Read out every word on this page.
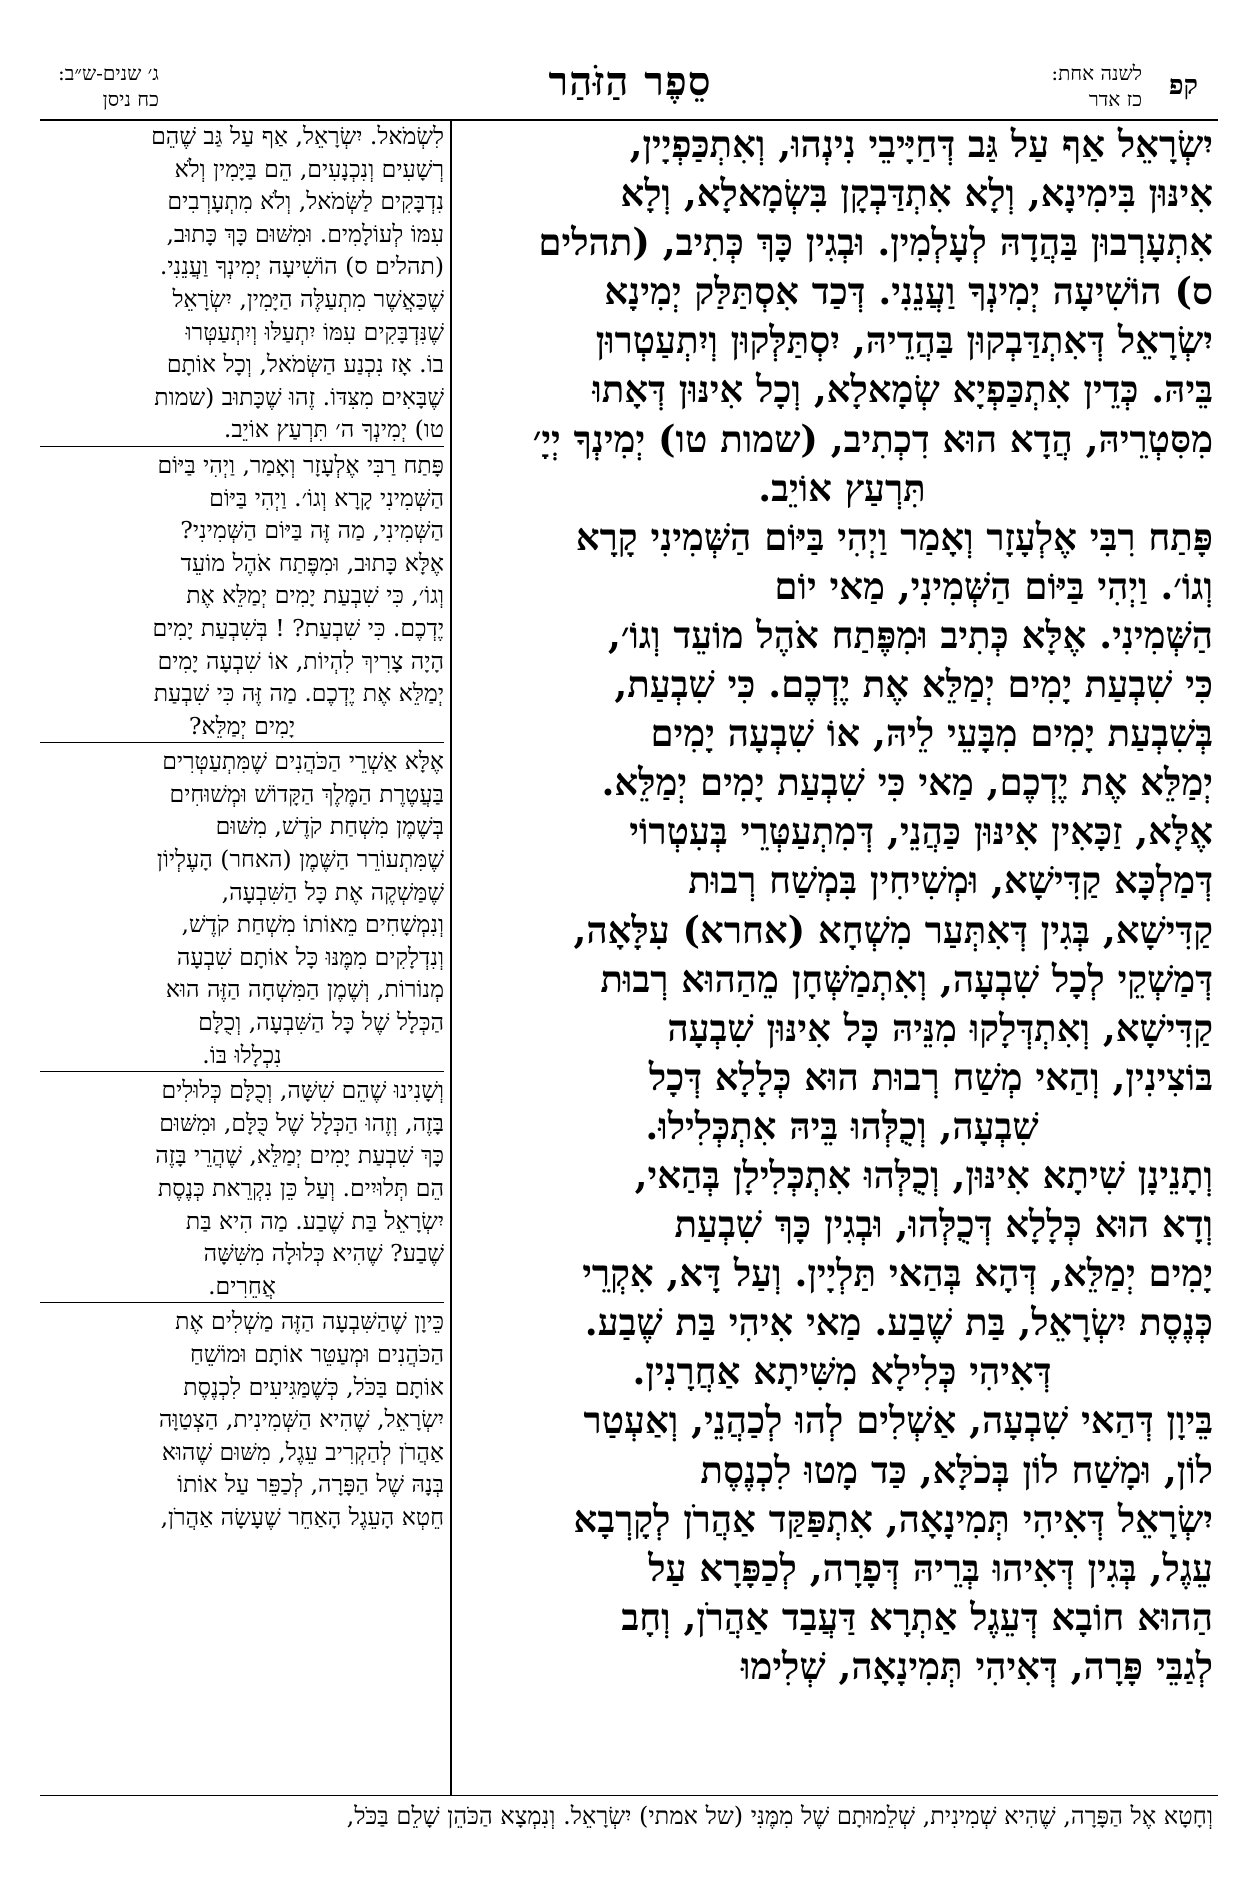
קפ
לשנה אחת:
כז אדר
סֵפֶר הַזֹּהַר
ג׳ שנים-ש״ב:
כח ניסן

יִשְׂרָאֵל אַף עַל גַּב דְּחַיָּיבֵי נִינְהוּ, וְאִתְכַּפְיָין,

אִינּוּן בִּימִינָא, וְלָא אִתְדַּבְקָן בִּשְׂמָאלָא, וְלָא

אִתְעָרְבוּן בַּהֲדָהּ לְעָלְמִין. וּבְגִין כָּךְ כְּתִיב, (תהלים

ס) הוֹשִׁיעָה יְמִינְךָ וַעֲנֵנִי. דְּכַד אִסְתַּלַּק יְמִינָא

יִשְׂרָאֵל דְּאִתְדַּבְקוּן בַּהֲדֵיהּ, יִסְתַּלְּקוּן וְיִתְעַטְרוּן

בֵּיהּ. כְּדֵין אִתְכַּפְיָא שְׂמָאלָא, וְכָל אִינּוּן דְּאָתוּ

מִסִּטְרֵיהּ, הֲדָא הוּא דִכְתִיב, (שמות טו) יְמִינְךָ יְיָ׳

תִּרְעַץ אוֹיֵב.

פָּתַח רִבִּי אֶלְעָזָר וְאָמַר וַיְהִי בַּיּוֹם הַשְּׁמִינִי קָרָא

וְגוֹ׳. וַיְהִי בַּיּוֹם הַשְּׁמִינִי, מַאי יוֹם

הַשְּׁמִינִי. אֶלָּא כְּתִיב וּמִפֶּתַח אֹהֶל מוֹעֵד וְגוֹ׳,

כִּי שִׁבְעַת יָמִים יְמַלֵּא אֶת יֶדְכֶם. כִּי שִׁבְעַת,

בְּשִׁבְעַת יָמִים מִבָּעֵי לֵיהּ, אוֹ שִׁבְעָה יָמִים

יְמַלֵּא אֶת יֶדְכֶם, מַאי כִּי שִׁבְעַת יָמִים יְמַלֵּא.

אֶלָּא, זַכָּאִין אִינּוּן כַּהֲנֵי, דְּמִתְעַטְּרֵי בְּעִטְרוֹי

דְּמַלְכָּא קַדִּישָׁא, וּמְשִׁיחִין בִּמְשַׁח רְבוּת

קַדִּישָׁא, בְּגִין דְּאִתְּעַר מִשְׁחָא (אחרא) עִלָּאָה,

דְּמַשְׁקֵי לְכָל שִׁבְעָה, וְאִתְמַשְּׁחָן מֵהַהוּא רְבוּת

קַדִּישָׁא, וְאִתְדְּלָקוּ מִנֵּיהּ כָּל אִינּוּן שִׁבְעָה

בּוֹצִינִין, וְהַאי מְשַׁח רְבוּת הוּא כְּלָלָא דְּכָל

שִׁבְעָה, וְכֻלְּהוּ בֵּיהּ אִתְכְּלִילוּ.

וְתָנֵינָן שִׁיתָא אִינּוּן, וְכֻלְּהוּ אִתְכְּלִילָן בְּהַאי,

וְדָא הוּא כְּלָלָא דְּכֻלְּהוּ, וּבְגִין כָּךְ שִׁבְעַת

יָמִים יְמַלֵּא, דְּהָא בְּהַאי תַּלְיָין. וְעַל דָּא, אִקְרֵי

כְּנֶסֶת יִשְׂרָאֵל, בַּת שֶׁבַע. מַאי אִיהִי בַּת שֶׁבַע.

דְּאִיהִי כְּלִילָא מִשִּׁיתָא אַחֲרָנִין.

בֵּיוָן דְּהַאי שִׁבְעָה, אַשְׁלִים לְהוּ לְכַהֲנֵי, וְאַעְטַר

לוֹן, וּמָשַׁח לוֹן בְּכֹלָּא, כַּד מָטוּ לִכְנֶסֶת

יִשְׂרָאֵל דְּאִיהִי תְּמִינָאָה, אִתְפַּקַּד אַהֲרֹן לְקָרְבָא

עֵגֶל, בְּגִין דְּאִיהוּ בְּרֵיהּ דְּפָרָה, לְכַפָּרָא עַל

הַהוּא חוֹבָא דְּעֵגֶל אַתְרָא דַּעֲבַד אַהֲרֹן, וְחָב

לְגַבֵּי פָּרָה, דְּאִיהִי תְּמִינָאָה, שְׁלִימוּ

לִשְׂמֹאל. יִשְׂרָאֵל, אַף עַל גַּב שֶׁהֵם

רְשָׁעִים וְנִכְנָעִים, הֵם בַּיָּמִין וְלֹא

נִדְבָּקִים לַשְּׂמֹאל, וְלֹא מִתְעָרְבִים

עִמּוֹ לְעוֹלָמִים. וּמִשּׁוּם כָּךְ כָּתוּב,

(תהלים ס) הוֹשִׁיעָה יְמִינְךָ וַעֲנֵנִי.

שֶׁכַּאֲשֶׁר מִתְעַלֶּה הַיָּמִין, יִשְׂרָאֵל

שֶׁנִּדְבָּקִים עִמּוֹ יִתְעַלּוּ וְיִתְעַטְּרוּ

בוֹ. אָז נִכְנַע הַשְּׂמֹאל, וְכָל אוֹתָם

שֶׁבָּאִים מִצִּדּוֹ. זֶהוּ שֶׁכָּתוּב (שמות

טו) יְמִינְךָ ה׳ תִּרְעַץ אוֹיֵב.

פָּתַח רַבִּי אֶלְעָזָר וְאָמַר, וַיְהִי בַּיּוֹם

הַשְּׁמִינִי קָרָא וְגוֹ׳. וַיְהִי בַּיּוֹם

הַשְּׁמִינִי, מַה זֶּה בַּיּוֹם הַשְּׁמִינִי?

אֶלָּא כָּתוּב, וּמִפֶּתַח אֹהֶל מוֹעֵד

וְגוֹ׳, כִּי שִׁבְעַת יָמִים יְמַלֵּא אֶת

יֶדְכֶם. כִּי שִׁבְעַת? ! בְּשִׁבְעַת יָמִים

הָיָה צָרִיךְ לִהְיוֹת, אוֹ שִׁבְעָה יָמִים

יְמַלֵּא אֶת יֶדְכֶם. מַה זֶּה כִּי שִׁבְעַת

יָמִים יְמַלֵּא?

אֶלָּא אַשְׁרֵי הַכֹּהֲנִים שֶׁמִּתְעַטְּרִים

בַּעֲטֶרֶת הַמֶּלֶךְ הַקָּדוֹשׁ וּמְשׁוּחִים

בְּשֶׁמֶן מִשְׁחַת קֹדֶשׁ, מִשּׁוּם

שֶׁמִּתְעוֹרֵר הַשֶּׁמֶן (האחר) הָעֶלְיוֹן

שֶׁמַּשְׁקֶה אֶת כָּל הַשִּׁבְעָה,

וְנִמְשָׁחִים מֵאוֹתוֹ מִשְׁחַת קֹדֶשׁ,

וְנִדְלָקִים מִמֶּנּוּ כָּל אוֹתָם שִׁבְעָה

מְנוֹרוֹת, וְשֶׁמֶן הַמִּשְׁחָה הַזֶּה הוּא

הַכְּלָל שֶׁל כָּל הַשִּׁבְעָה, וְכֻלָּם

נִכְלָלוּ בּוֹ.

וְשָׁנִינוּ שֶׁהֵם שִׁשָּׁה, וְכֻלָּם כְּלוּלִים

בָּזֶה, וְזֶהוּ הַכְּלָל שֶׁל כֻּלָּם, וּמִשּׁוּם

כָּךְ שִׁבְעַת יָמִים יְמַלֵּא, שֶׁהֲרֵי בָּזֶה

הֵם תְּלוּיִים. וְעַל כֵּן נִקְרֵאת כְּנֶסֶת

יִשְׂרָאֵל בַּת שֶׁבַע. מַה הִיא בַּת

שֶׁבַע? שֶׁהִיא כְּלוּלָה מִשִּׁשָּׁה

אֲחֵרִים.

כֵּיוָן שֶׁהַשִּׁבְעָה הַזֶּה מַשְׁלִים אֶת

הַכֹּהֲנִים וּמְעַטֵּר אוֹתָם וּמוֹשֵׁחַ

אוֹתָם בַּכֹּל, כְּשֶׁמַּגִּיעִים לִכְנֶסֶת

יִשְׂרָאֵל, שֶׁהִיא הַשְּׁמִינִית, הַצְטַוָּה

אַהֲרֹן לְהַקְרִיב עֵגֶל, מִשּׁוּם שֶׁהוּא

בְּנָהּ שֶׁל הַפָּרָה, לְכַפֵּר עַל אוֹתוֹ

חֵטְא הָעֵגֶל הָאַחֵר שֶׁעָשָׂה אַהֲרֹן,

וְחָטָא אֶל הַפָּרָה, שֶׁהִיא שְׁמִינִית, שְׁלֵמוּתָם שֶׁל מִמֶּנִּי (של אמתי) יִשְׂרָאֵל. וְנִמְצָא הַכֹּהֵן שָׁלֵם בַּכֹּל,
